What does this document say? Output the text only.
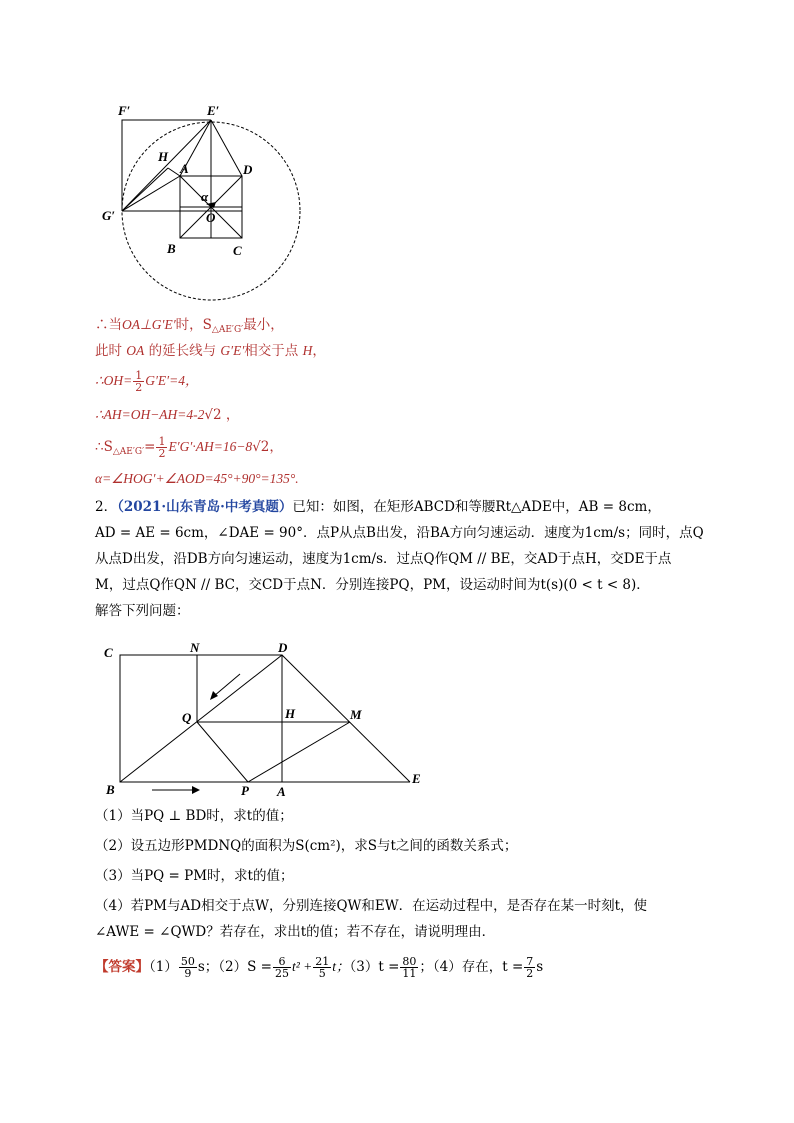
F′	E′
H
A	D
α
O
G′
B	C
∴当OA⊥G′E′时，$S_{\triangle AE'G'}$最小，
此时 OA 的延长线与 G′E′相交于点 H，
∴OH= $\frac{1}{2} G'E'=4$，
∴AH=OH−AH=4-2√2 ，
$\therefore S_{\triangle AE'G'}= \frac{1}{2} E'G'\cdot AH=16-8√2$，
α=∠HOG′+∠AOD=45°+90°=135°.
2．（2021·山东青岛·中考真题）已知：如图，在矩形ABCD和等腰Rt△ADE中，AB = 8cm，
AD = AE = 6cm，∠DAE = 90°．点P从点B出发，沿BA方向匀速运动．速度为1cm/s；同时，点Q
从点D出发，沿DB方向匀速运动，速度为1cm/s．过点Q作QM // BE，交AD于点H，交DE于点
M，过点Q作QN // BC，交CD于点N．分别连接PQ，PM，设运动时间为t(s)(0 < t < 8)．
解答下列问题：
C	N	D
Q	H	M
B	P A
E
（1）当PQ ⊥ BD时，求t的值；
（2）设五边形PMDNQ的面积为S(cm²)，求S与t之间的函数关系式；
（3）当PQ = PM时，求t的值；
（4）若PM与AD相交于点W，分别连接QW和EW．在运动过程中，是否存在某一时刻t，使
∠AWE = ∠QWD？若存在，求出t的值；若不存在，请说明理由．
【答案】$(1) \frac{50}{9}$ s；$(2)S = \frac{6}{25} t^2 + \frac{21}{5}$ t；$(3)t = \frac{80}{11}$ ；（4）存在，$t = \frac{7}{2}$ s
